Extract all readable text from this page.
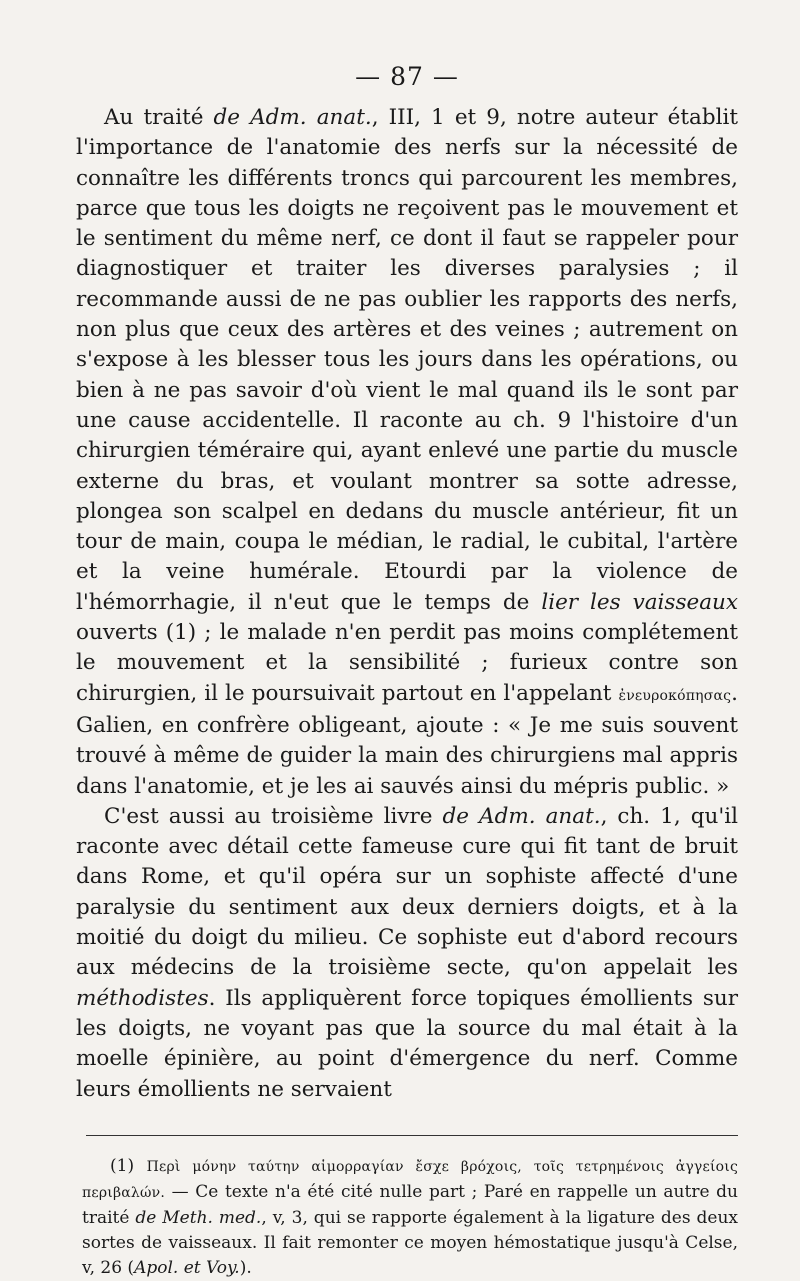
— 87 —

Au traité de Adm. anat., III, 1 et 9, notre auteur établit l'importance de l'anatomie des nerfs sur la nécessité de connaître les différents troncs qui parcourent les membres, parce que tous les doigts ne reçoivent pas le mouvement et le sentiment du même nerf, ce dont il faut se rappeler pour diagnostiquer et traiter les diverses paralysies ; il recommande aussi de ne pas oublier les rapports des nerfs, non plus que ceux des artères et des veines ; autrement on s'expose à les blesser tous les jours dans les opérations, ou bien à ne pas savoir d'où vient le mal quand ils le sont par une cause accidentelle. Il raconte au ch. 9 l'histoire d'un chirurgien téméraire qui, ayant enlevé une partie du muscle externe du bras, et voulant montrer sa sotte adresse, plongea son scalpel en dedans du muscle antérieur, fit un tour de main, coupa le médian, le radial, le cubital, l'artère et la veine humérale. Etourdi par la violence de l'hémorrhagie, il n'eut que le temps de lier les vaisseaux ouverts (1) ; le malade n'en perdit pas moins complétement le mouvement et la sensibilité ; furieux contre son chirurgien, il le poursuivait partout en l'appelant ἐνευροκόπησας. Galien, en confrère obligeant, ajoute : « Je me suis souvent trouvé à même de guider la main des chirurgiens mal appris dans l'anatomie, et je les ai sauvés ainsi du mépris public. »

C'est aussi au troisième livre de Adm. anat., ch. 1, qu'il raconte avec détail cette fameuse cure qui fit tant de bruit dans Rome, et qu'il opéra sur un sophiste affecté d'une paralysie du sentiment aux deux derniers doigts, et à la moitié du doigt du milieu. Ce sophiste eut d'abord recours aux médecins de la troisième secte, qu'on appelait les méthodistes. Ils appliquèrent force topiques émollients sur les doigts, ne voyant pas que la source du mal était à la moelle épinière, au point d'émergence du nerf. Comme leurs émollients ne servaient

(1) Περὶ μόνην ταύτην αἱμορραγίαν ἔσχε βρόχοις, τοῖς τετρημένοις ἀγγείοις περιβαλών. — Ce texte n'a été cité nulle part ; Paré en rappelle un autre du traité de Meth. med., v, 3, qui se rapporte également à la ligature des deux sortes de vaisseaux. Il fait remonter ce moyen hémostatique jusqu'à Celse, v, 26 (Apol. et Voy.).
